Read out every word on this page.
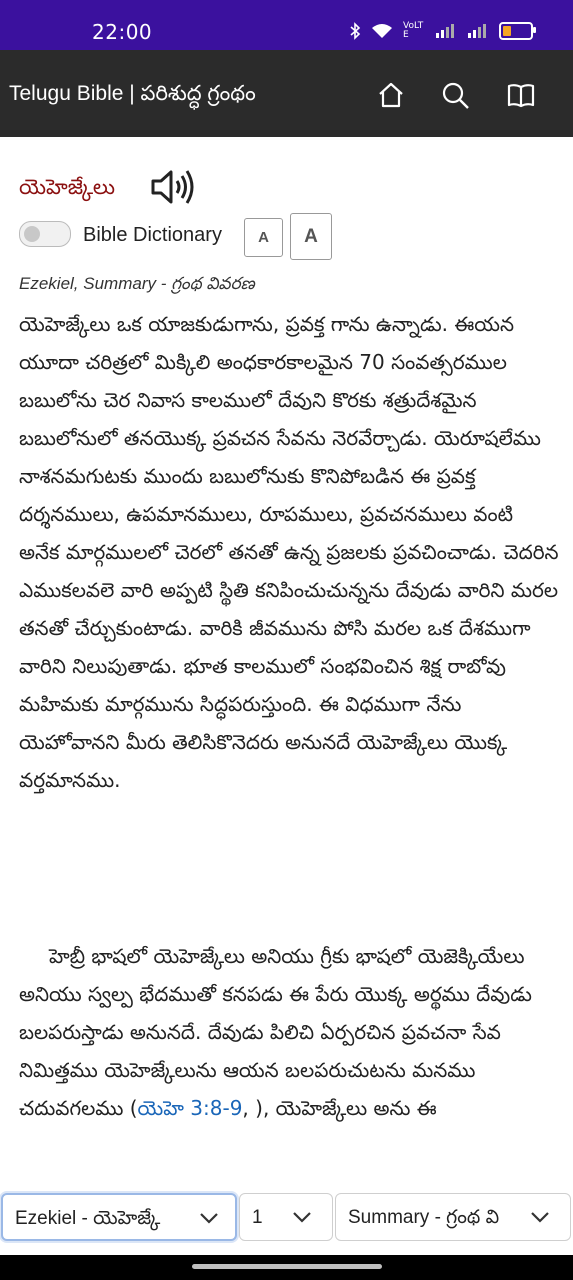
22:00	VoLTE
Telugu Bible | పరిశుద్ధ గ్రంథం
యెహెజ్కేలు
Bible Dictionary	A	A
Ezekiel, Summary - గ్రంథ వివరణ

యెహెజ్కేలు ఒక యాజకుడుగాను, ప్రవక్త గాను ఉన్నాడు. ఈయన యూదా చరిత్రలో మిక్కిలి అంధకారకాలమైన 70 సంవత్సరముల బబులోను చెర నివాస కాలములో దేవుని కొరకు శత్రుదేశమైన బబులోనులో తనయొక్క ప్రవచన సేవను నెరవేర్చాడు. యెరూషలేము నాశనమగుటకు ముందు బబులోనుకు కొనిపోబడిన ఈ ప్రవక్త దర్శనములు, ఉపమానములు, రూపములు, ప్రవచనములు వంటి అనేక మార్గములలో చెరలో తనతో ఉన్న ప్రజలకు ప్రవచించాడు. చెదరిన ఎముకలవలె వారి అప్పటి స్థితి కనిపించుచున్నను దేవుడు వారిని మరల తనతో చేర్చుకుంటాడు. వారికి జీవమును పోసి మరల ఒక దేశముగా వారిని నిలుపుతాడు. భూత కాలములో సంభవించిన శిక్ష రాబోవు మహిమకు మార్గమును సిద్ధపరుస్తుంది. ఈ విధముగా నేను యెహోవానని మీరు తెలిసికొనెదరు అనునదే యెహెజ్కేలు యొక్క వర్తమానము.

హెబ్రీ భాషలో యెహెజ్కేలు అనియు గ్రీకు భాషలో యెజెక్కియేలు అనియు స్వల్ప భేదముతో కనపడు ఈ పేరు యొక్క అర్థము దేవుడు బలపరుస్తాడు అనునదే. దేవుడు పిలిచి ఏర్పరచిన ప్రవచనా సేవ నిమిత్తము యెహెజ్కేలును ఆయన బలపరుచుటను మనము చదువగలము (యెహె 3:8-9, ), యెహెజ్కేలు అను ఈ

Ezekiel - యెహెజ్కే	1	Summary - గ్రంథ వి
